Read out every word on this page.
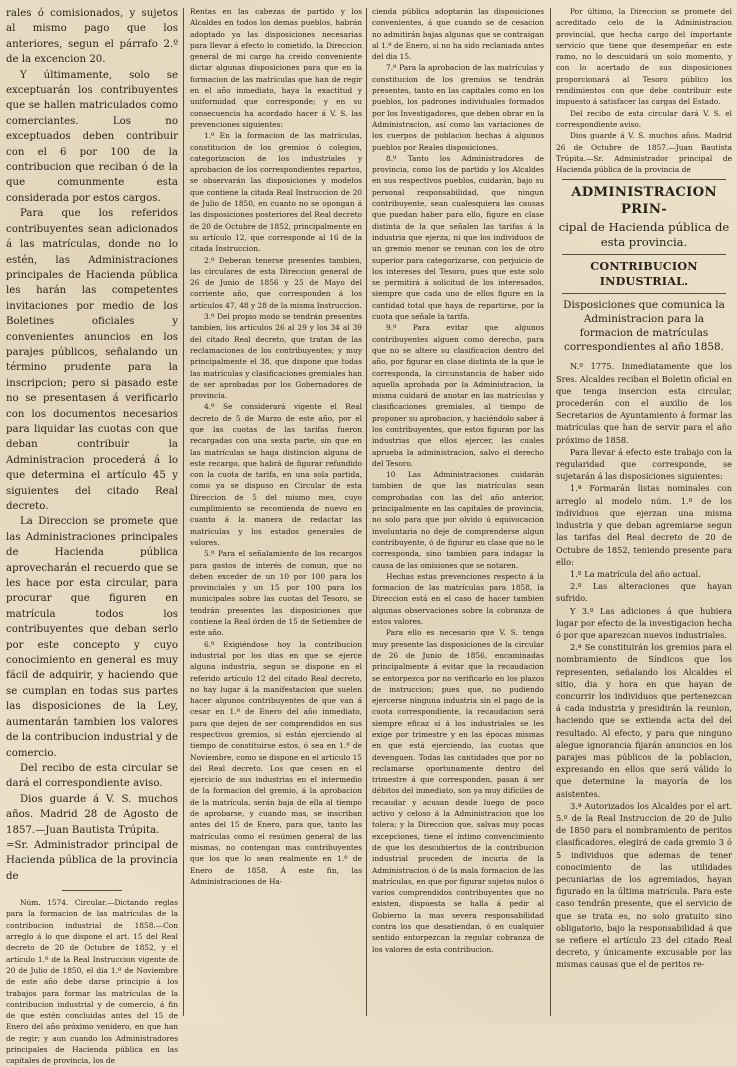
rales ó comisionados, y sujetos al mismo pago que los anteriores, segun el párrafo 2.º de la excencion 20.

Y últimamente, solo se exceptuarán los contribuyentes que se hallen matriculados como comerciantes. Los no exceptuados deben contribuir con el 6 por 100 de la contribucion que reciban ó de la que comunmente esta considerada por estos cargos.

Para que los referidos contribuyentes sean adicionados á las matrículas, donde no lo estén, las Administraciones principales de Hacienda pública les harán las competentes invitaciones por medio de los Boletines oficiales y convenientes anuncios en los parajes públicos, señalando un término prudente para la inscripcion; pero si pasado este no se presentasen á verificarlo con los documentos necesarios para liquidar las cuotas con que deban contribuir la Administracion procederá á lo que determina el artículo 45 y siguientes del citado Real decreto.

La Direccion se promete que las Administraciones principales de Hacienda pública aprovecharán el recuerdo que se les hace por esta circular, para procurar que figuren en matrícula todos los contribuyentes que deban serlo por este concepto y cuyo conocimiento en general es muy fácil de adquirir, y haciendo que se cumplan en todas sus partes las disposiciones de la Ley, aumentarán tambien los valores de la contribucion industrial y de comercio.

Del recibo de esta circular se dará el correspondiente aviso.

Dios guarde á V. S. muchos años. Madrid 28 de Agosto de 1857.—Juan Bautista Trúpita.

=Sr. Administrador principal de Hacienda pública de la provincia de

Núm. 1574. Circular.—Dictando reglas para la formacion de las matrículas de la contribucion industrial de 1858.—Con arreglo á lo que dispone el art. 15 del Real decreto de 20 de Octubre de 1852, y el artículo 1.º de la Real Instruccion vigente de 20 de Julio de 1850, el dia 1.º de Noviembre de este año debe darse principio á los trabajos para formar las matrículas de la contribucion industrial y de comercio, á fin de que estén concluidas antes del 15 de Enero del año próximo venidero, en que han de regir; y aun cuando los Administradores principales de Hacienda pública en las capitales de provincia, los de

Rentas en las cabezas de partido y los Alcaldes en todos los demas pueblos, habrán adoptado ya las disposiciones necesarias para llevar á efecto lo cometido, la Direccion general de mi cargo ha creido conveniente dictar algunas disposiciones para que en la formacion de las matrículas que han de regir en el año inmediato, haya la exactitud y uniformidad que corresponde; y en su consecuencia ha acordado hacer á V. S. las prevenciones siguientes:

1.º En la formacion de las matrículas, constitucion de los gremios ó colegios, categorizacion de los industriales y aprobacion de los correspondientes repartos, se observarán las disposiciones y modelos que contiene la citada Real Instruccion de 20 de Julio de 1850, en cuanto no se opongan á las disposiciones posteriores del Real decreto de 20 de Octubre de 1852, principalmente en su artículo 12, que corresponde al 16 de la citada Instruccion.

2.º Deberan tenerse presentes tambien, las circulares de esta Direccion general de 26 de Junio de 1856 y 25 de Mayo del corriente año, que corresponden á los artículos 47, 48 y 28 de la misma Instruccion.

3.º Del propio modo se tendrán presentes tambien, los artículos 26 al 29 y los 34 al 39 del citado Real decreto, que tratan de las reclamaciones de los contribuyentes; y muy principalmente el 38, que dispone que todas las matrículas y clasificaciones gremiales han de ser aprobadas por los Gobernadores de provincia.

4.º Se considerará vigente el Real decreto de 5 de Marzo de este año, por el que las cuotas de las tarifas fueron recargadas con una sexta parte, sin que en las matrículas se haga distincion alguna de este recargo, que habrá de figurar refundido con la cuota de tarifa, en una sola partida, como ya se dispuso en Circular de esta Direccion de 5 del mismo mes, cuyo cumplimiento se recomienda de nuevo en cuanto á la manera de redactar las matrículas y los estados generales de valores.

5.º Para el señalamiento de los recargos para gastos de interés de comun, que no deben exceder de un 10 por 100 para los provinciales y un 15 por 100 para los municipales sobre las cuotas del Tesoro, se tendrán presentes las disposiciones que contiene la Real órden de 15 de Setiembre de este año.

6.º Exigiéndose hoy la contribucion industrial por los dias en que se ejerce alguna industria, segun se dispone en el referido artículo 12 del citado Real decreto, no hay lugar á la manifestacion que suelen hacer algunos contribuyentes de que van á cesar en 1.º de Enero del año inmediato, para que dejen de ser comprendidos en sus respectivos gremios, si están ejerciendo al tiempo de constituirse estos, ó sea en 1.º de Noviembre, como se dispone en el artículo 15 del Real decreto. Los que cesen en el ejercicio de sus industrias en el intermedio de la formacion del gremio, á la aprobacion de la matrícula, serán baja de ella al tiempo de aprobarse, y cuando mas, se inscriban antes del 15 de Enero, para que, tanto las matrículas como el resúmen general de las mismas, no contengan mas contribuyentes que los que lo sean realmente en 1.º de Enero de 1858. Á este fin, las Administraciones de Ha-

cienda pública adoptarán las disposiciones convenientes, á que cuando se de cesacion no admitirán bajas algunas que se contraigan al 1.º de Enero, si no ha sido reclamada antes del dia 15.

7.º Para la aprobacion de las matrículas y constitucion de los gremios se tendrán presentes, tanto en las capitales como en los pueblos, los padrones individuales formados por los Investigadores, que deben obrar en la Administracion, así como las variaciones de los cuerpos de poblacion hechas á algunos pueblos por Reales disposiciones.

8.º Tanto los Administradores de provincia, como los de partido y los Alcaldes en sus respectivos pueblos, cuidarán, bajo su personal responsabilidad, que ningun contribuyente, sean cualesquiera las causas que puedan haber para ello, figure en clase distinta de la que señalen las tarifas á la industria que ejerza, ni que los individuos de un gremio menor se reunan con los de otro superior para categorizarse, con perjuicio de los intereses del Tesoro, pues que este solo se permitirá á solicitud de los interesados, siempre que cada uno de ellos figure en la cantidad total que haya de repartirse, por la cuota que señale la tarifa.

9.º Para evitar que algunos contribuyentes alguen como derecho, para que no se altere su clasificacion dentro del año, por figurar en clase distinta de la que le corresponda, la circunstancia de haber sido aquella aprobada por la Administracion, la misma cuidará de anotar en las matrículas y clasificaciones gremiales, al tiempo de proponer su aprobacion, y haciéndolo saber á los contribuyentes, que estos figuran por las industrias que ellos ejercer, las cuales aprueba la administracion, salvo el derecho del Tesoro.

10 Las Administraciones cuidarán tambien de que las matrículas sean comprobadas con las del año anterior, principalmente en las capitales de provincia, no solo para que por olvido ú equivocacion involuntaria no deje de comprenderse algun contribuyente, ó de figurar en clase que no le corresponda, sino tambien para indagar la causa de las omisiones que se notaren.

Hechas estas prevenciones respecto á la formacion de las matrículas para 1858, la Direccion está en el caso de hacer tambien algunas observaciones sobre la cobranza de estos valores.

Para ello es necesario que V. S. tenga muy presente las disposiciones de la circular de 26 de Junio de 1856, encaminadas principalmente á evitar que la recaudacion se entorpezca por no verificarlo en los plazos de instruccion; pues que, no pudiendo ejercerse ninguna industria sin el pago de la cuota correspondiente, la recaudacion será siempre eficaz si á los industriales se les exige por trimestre y en las épocas mismas en que está ejerciendo, las cuotas que devenguen. Todas las cantidades que por no reclamarse oportunamente dentro del trimestre á que corresponden, pasan á ser débitos del inmediato, son ya muy difíciles de recaudar y acusan desde luego de poco activo y celoso á la Administracion que los tolera; y la Direccion que, salvas muy pocas excepciones, tiene el íntimo convencimiento de que los descubiertos de la contribucion industrial proceden de incuria de la Administracion ó de la mala formacion de las matrículas, en que por figurar sujetos nulos ó varios comprendidos contribuyentes que no existen, dispuesta se halla á pedir al Gobierno la mas severa responsabilidad contra los que desatiendan, ó en cualquier sentido entorpezcan la regular cobranza de los valores de esta contribucion.

Por último, la Direccion se promete del acreditado celo de la Administracion provincial, que hecha cargo del importante servicio que tiene que desempeñar en este ramo, no lo descuidará un solo momento, y con lo acertado de sus disposiciones proporcionará al Tesoro público los rendimientos con que debe contribuir este impuesto á satisfacer las cargas del Estado.

Del recibo de esta circular dará V. S. el correspondiente aviso.

Dios guarde á V. S. muchos años. Madrid 26 de Octubre de 1857.—Juan Bautista Trúpita.—Sr. Administrador principal de Hacienda pública de la provincia de

ADMINISTRACION PRIN-
cipal de Hacienda pública de esta provincia.
CONTRIBUCION INDUSTRIAL.
Disposiciones que comunica la Administracion para la formacion de matrículas correspondientes al año 1858.

N.º 1775. Inmediatamente que los Sres. Alcaldes reciban el Boletin oficial en que tenga insercion esta circular, procederán con el auxilio de los Secretarios de Ayuntamiento á formar las matrículas que han de servir para el año próximo de 1858.

Para llevar á efecto este trabajo con la regularidad que corresponde, se sujetarán á las disposiciones siguientes:

1.ª Formarán listas nominales con arreglo al modelo núm. 1.º de los individuos que ejerzan una misma industria y que deban agremiarse segun las tarifas del Real decreto de 20 de Octubre de 1852, teniendo presente para ello:

1.º La matrícula del año actual.

2.º Las alteraciones que hayan sufrido.

Y 3.º Las adiciones á que hubiera lugar por efecto de la investigacion hecha ó por que aparezcan nuevos industriales.

2.ª Se constituirán los gremios para el nombramiento de Síndicos que los representen, señalando los Alcaldes el sitio, dia y hora en que hayan de concurrir los individuos que pertenezcan á cada industria y presidirán la reunion, haciendo que se extienda acta del del resultado. Al efecto, y para que ninguno alegue ignorancia fijarán anuncios en los parajes mas públicos de la poblacion, expresando en ellos que será válido lo que determine la mayoría de los asistentes.

3.ª Autorizados los Alcaldes por el art. 5.º de la Real Instruccion de 20 de Julio de 1850 para el nombramiento de peritos clasificadores, elegirá de cada gremio 3 ó 5 individuos que ademas de tener conocimiento de las utilidades pecuniarias de los agremiados, hayan figurado en la última matrícula. Para este caso tendrán presente, que el servicio de que se trata es, no solo gratuito sino obligatorio, bajo la responsabilidad á que se refiere el artículo 23 del citado Real decreto, y únicamente excusable por las mismas causas que el de peritos re-
